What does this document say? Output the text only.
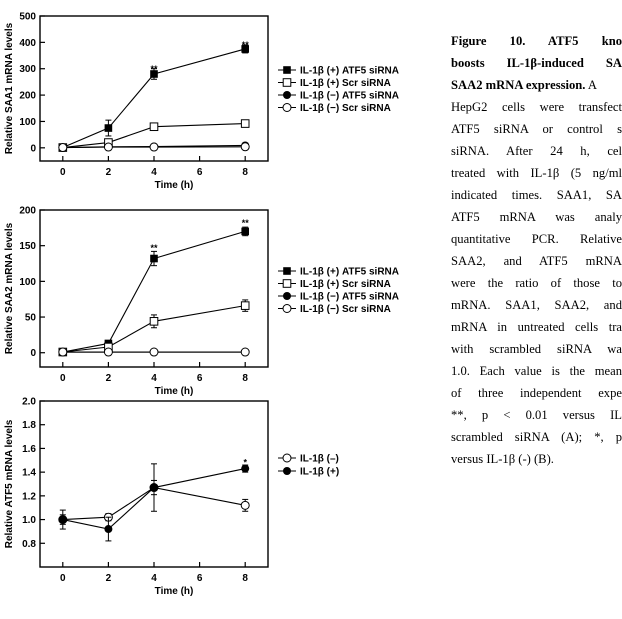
0
100
200
300
400
500
0	2	4	6	8
Time (h)
Relative SAA1 mRNA levels	**
**
IL-1β (+) ATF5 siRNA
IL-1β (+) Scr siRNA
IL-1β (−) ATF5 siRNA
IL-1β (−) Scr siRNA
0
50
100
150
200
0	2	4	6	8
Time (h)
Relative SAA2 mRNA levels	**
**
IL-1β (+) ATF5 siRNA
IL-1β (+) Scr siRNA
IL-1β (−) ATF5 siRNA
IL-1β (−) Scr siRNA
0.8
1.0
1.2
1.4
1.6
1.8
2.0
0	2	4	6	8
Time (h)
Relative ATF5 mRNA levels	*	IL-1β (–)
IL-1β (+)
Figure 10. ATF5 kno
boosts IL-1β-induced SA
SAA2 mRNA expression. A
HepG2 cells were transfect
ATF5 siRNA or control s
siRNA. After 24 h, cel
treated with IL-1β (5 ng/ml
indicated times. SAA1, SA
ATF5 mRNA was analy
quantitative PCR. Relative
SAA2, and ATF5 mRNA
were the ratio of those to
mRNA. SAA1, SAA2, and
mRNA in untreated cells tra
with scrambled siRNA wa
1.0. Each value is the mean
of three independent expe
**, p < 0.01 versus IL
scrambled siRNA (A); *, p
versus IL-1β (-) (B).
